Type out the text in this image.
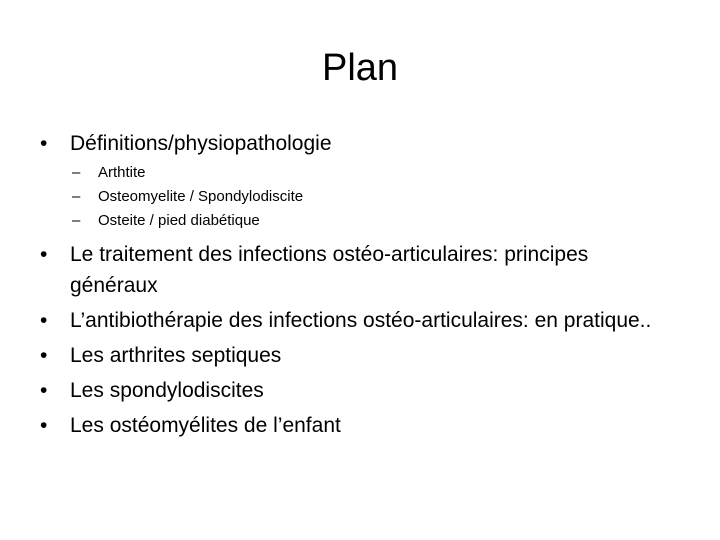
Plan
•	Définitions/physiopathologie
–	Arthtite
–	Osteomyelite / Spondylodiscite
–	Osteite / pied diabétique
•	Le traitement des infections ostéo-articulaires: principes généraux
•	L’antibiothérapie des infections ostéo-articulaires: en pratique..
•	Les arthrites septiques
•	Les spondylodiscites
•	Les ostéomyélites de l’enfant
